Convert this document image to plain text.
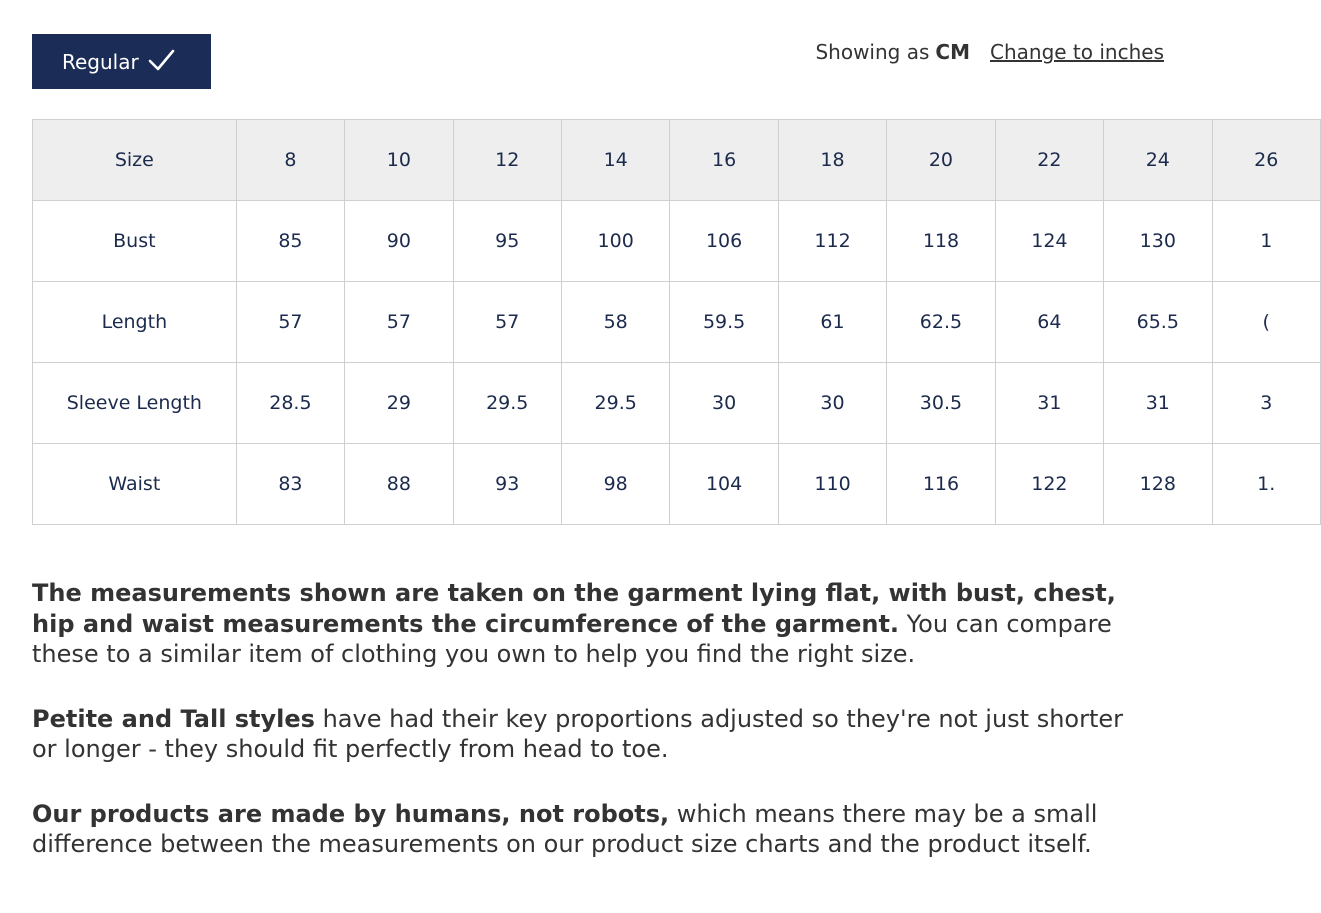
Regular	Showing as CM Change to inches
Size	8	10	12	14	16	18	20	22	24	26
Bust	85	90	95	100	106	112	118	124	130	1
Length	57	57	57	58	59.5	61	62.5	64	65.5	(
Sleeve Length	28.5	29	29.5	29.5	30	30	30.5	31	31	3
Waist	83	88	93	98	104	110	116	122	128	1.

The measurements shown are taken on the garment lying flat, with bust, chest, hip and waist measurements the circumference of the garment. You can compare these to a similar item of clothing you own to help you find the right size.

Petite and Tall styles have had their key proportions adjusted so they're not just shorter or longer - they should fit perfectly from head to toe.

Our products are made by humans, not robots, which means there may be a small difference between the measurements on our product size charts and the product itself.
